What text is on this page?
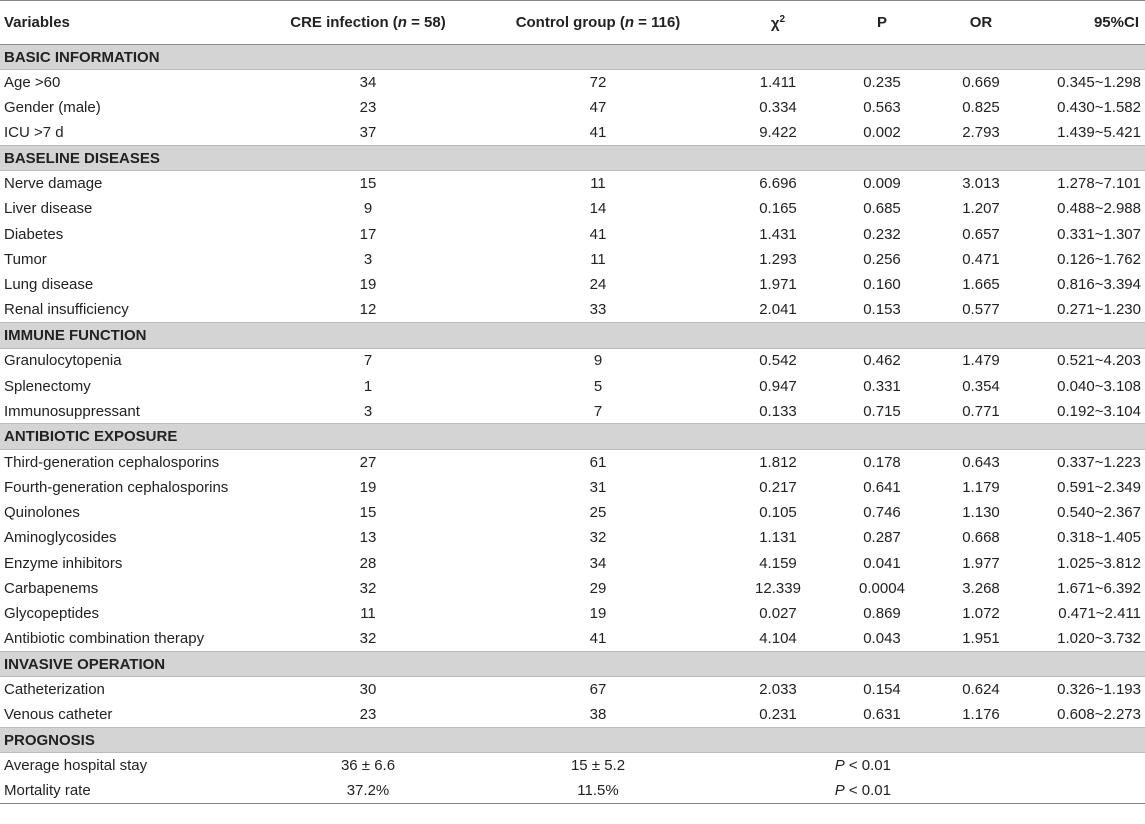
Variables	CRE infection (n = 58)	Control group (n = 116)	$\chi^2$	P	OR	95%CI
BASIC INFORMATION						
Age >60	34	72	1.411	0.235	0.669	0.345~1.298
Gender (male)	23	47	0.334	0.563	0.825	0.430~1.582
ICU >7 d	37	41	9.422	0.002	2.793	1.439~5.421
BASELINE DISEASES						
Nerve damage	15	11	6.696	0.009	3.013	1.278~7.101
Liver disease	9	14	0.165	0.685	1.207	0.488~2.988
Diabetes	17	41	1.431	0.232	0.657	0.331~1.307
Tumor	3	11	1.293	0.256	0.471	0.126~1.762
Lung disease	19	24	1.971	0.160	1.665	0.816~3.394
Renal insufficiency	12	33	2.041	0.153	0.577	0.271~1.230
IMMUNE FUNCTION						
Granulocytopenia	7	9	0.542	0.462	1.479	0.521~4.203
Splenectomy	1	5	0.947	0.331	0.354	0.040~3.108
Immunosuppressant	3	7	0.133	0.715	0.771	0.192~3.104
ANTIBIOTIC EXPOSURE						
Third-generation cephalosporins	27	61	1.812	0.178	0.643	0.337~1.223
Fourth-generation cephalosporins	19	31	0.217	0.641	1.179	0.591~2.349
Quinolones	15	25	0.105	0.746	1.130	0.540~2.367
Aminoglycosides	13	32	1.131	0.287	0.668	0.318~1.405
Enzyme inhibitors	28	34	4.159	0.041	1.977	1.025~3.812
Carbapenems	32	29	12.339	0.0004	3.268	1.671~6.392
Glycopeptides	11	19	0.027	0.869	1.072	0.471~2.411
Antibiotic combination therapy	32	41	4.104	0.043	1.951	1.020~3.732
INVASIVE OPERATION						
Catheterization	30	67	2.033	0.154	0.624	0.326~1.193
Venous catheter	23	38	0.231	0.631	1.176	0.608~2.273
PROGNOSIS						
Average hospital stay	36 ± 6.6	15 ± 5.2	P < 0.01			
Mortality rate	37.2%	11.5%	P < 0.01			
